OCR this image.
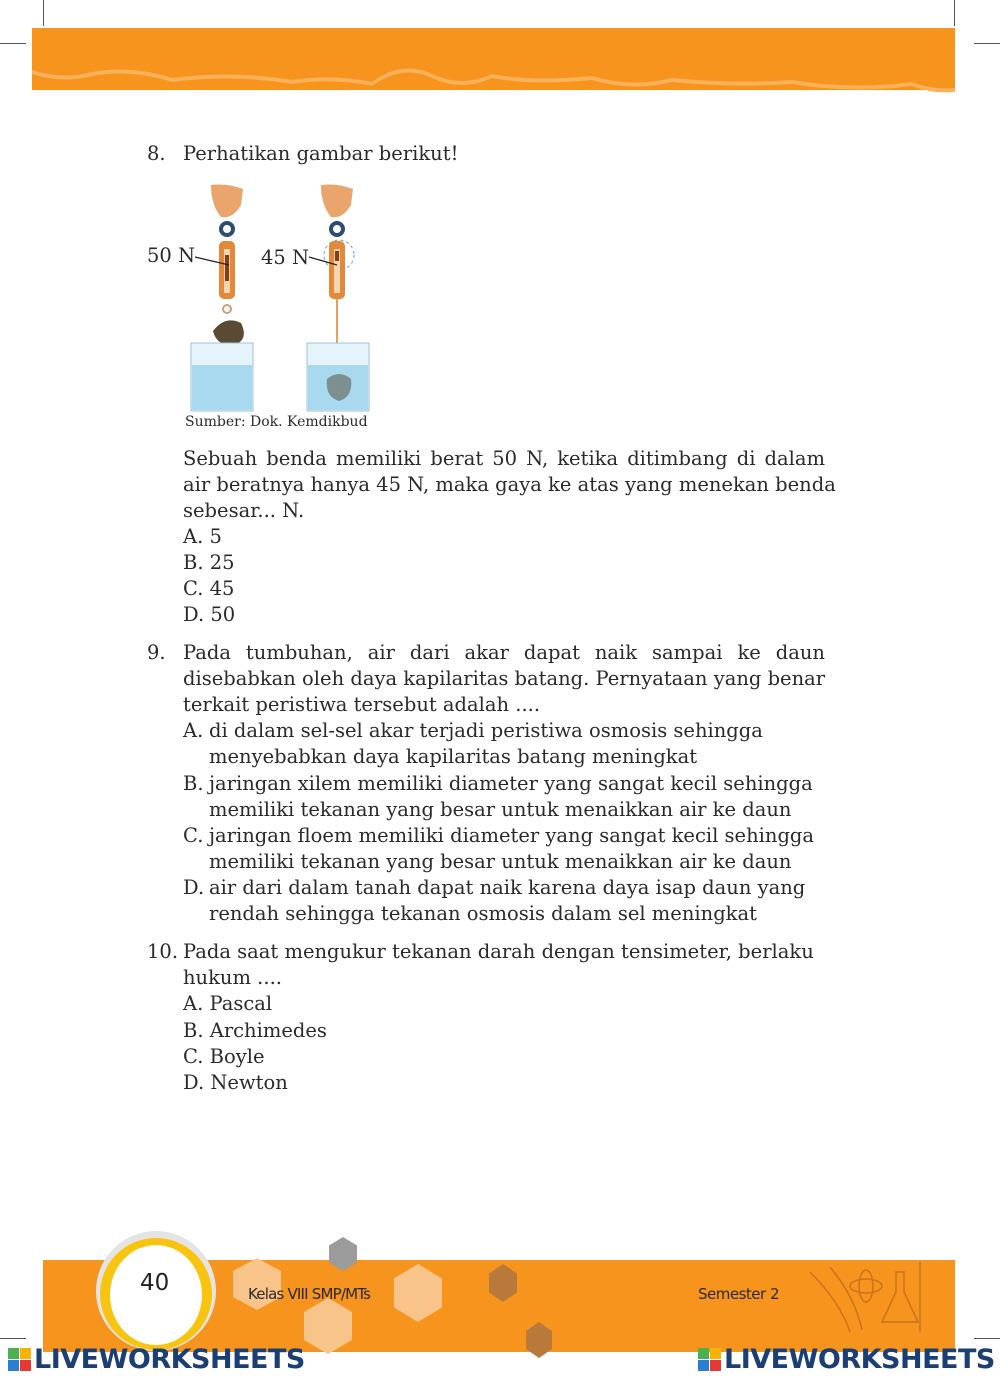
8. Perhatikan gambar berikut!
50 N	45 N
Sumber: Dok. Kemdikbud
Sebuah benda memiliki berat 50 N, ketika ditimbang di dalam
air beratnya hanya 45 N, maka gaya ke atas yang menekan benda
sebesar... N.
A. 5
B. 25
C. 45
D. 50
9. Pada tumbuhan, air dari akar dapat naik sampai ke daun
disebabkan oleh daya kapilaritas batang. Pernyataan yang benar
terkait peristiwa tersebut adalah ....
A. di dalam sel-sel akar terjadi peristiwa osmosis sehingga
menyebabkan daya kapilaritas batang meningkat
B. jaringan xilem memiliki diameter yang sangat kecil sehingga
memiliki tekanan yang besar untuk menaikkan air ke daun
C. jaringan floem memiliki diameter yang sangat kecil sehingga
memiliki tekanan yang besar untuk menaikkan air ke daun
D. air dari dalam tanah dapat naik karena daya isap daun yang
rendah sehingga tekanan osmosis dalam sel meningkat
10. Pada saat mengukur tekanan darah dengan tensimeter, berlaku
hukum ....
A. Pascal
B. Archimedes
C. Boyle
D. Newton
40	Kelas VIII SMP/MTs	Semester 2
LIVEWORKSHEETS	LIVEWORKSHEETS
